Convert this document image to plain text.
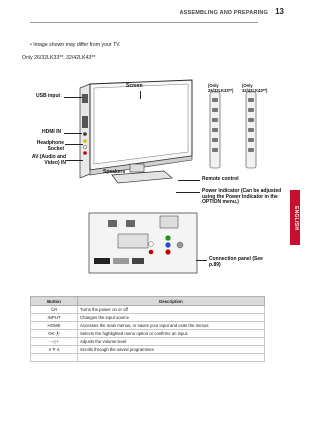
ASSEMBLING AND PREPARING 13
ENGLISH
• Image shown may differ from your TV.
Only 26/32LK33**, 32/42LK43**
(Only 26/32LK33**)
(Only 32/42LK43**)
USB input
Screen
HDMI IN
Headphone Socket
AV (Audio and Video) IN
Speakers
Remote control
Power Indicator (Can be adjusted using the Power Indicator in the OPTION menu.)
Connection panel (See p.89)
Button	Description
⏻/I	Turns the power on or off
INPUT	Changes the input source
HOME	Accesses the main menus, or saves your input and exits the menus
OK ⦿	Selects the highlighted menu option or confirms an input.
- ◁ +	Adjusts the volume level
∨ P ∧	Scrolls through the saved programmes
